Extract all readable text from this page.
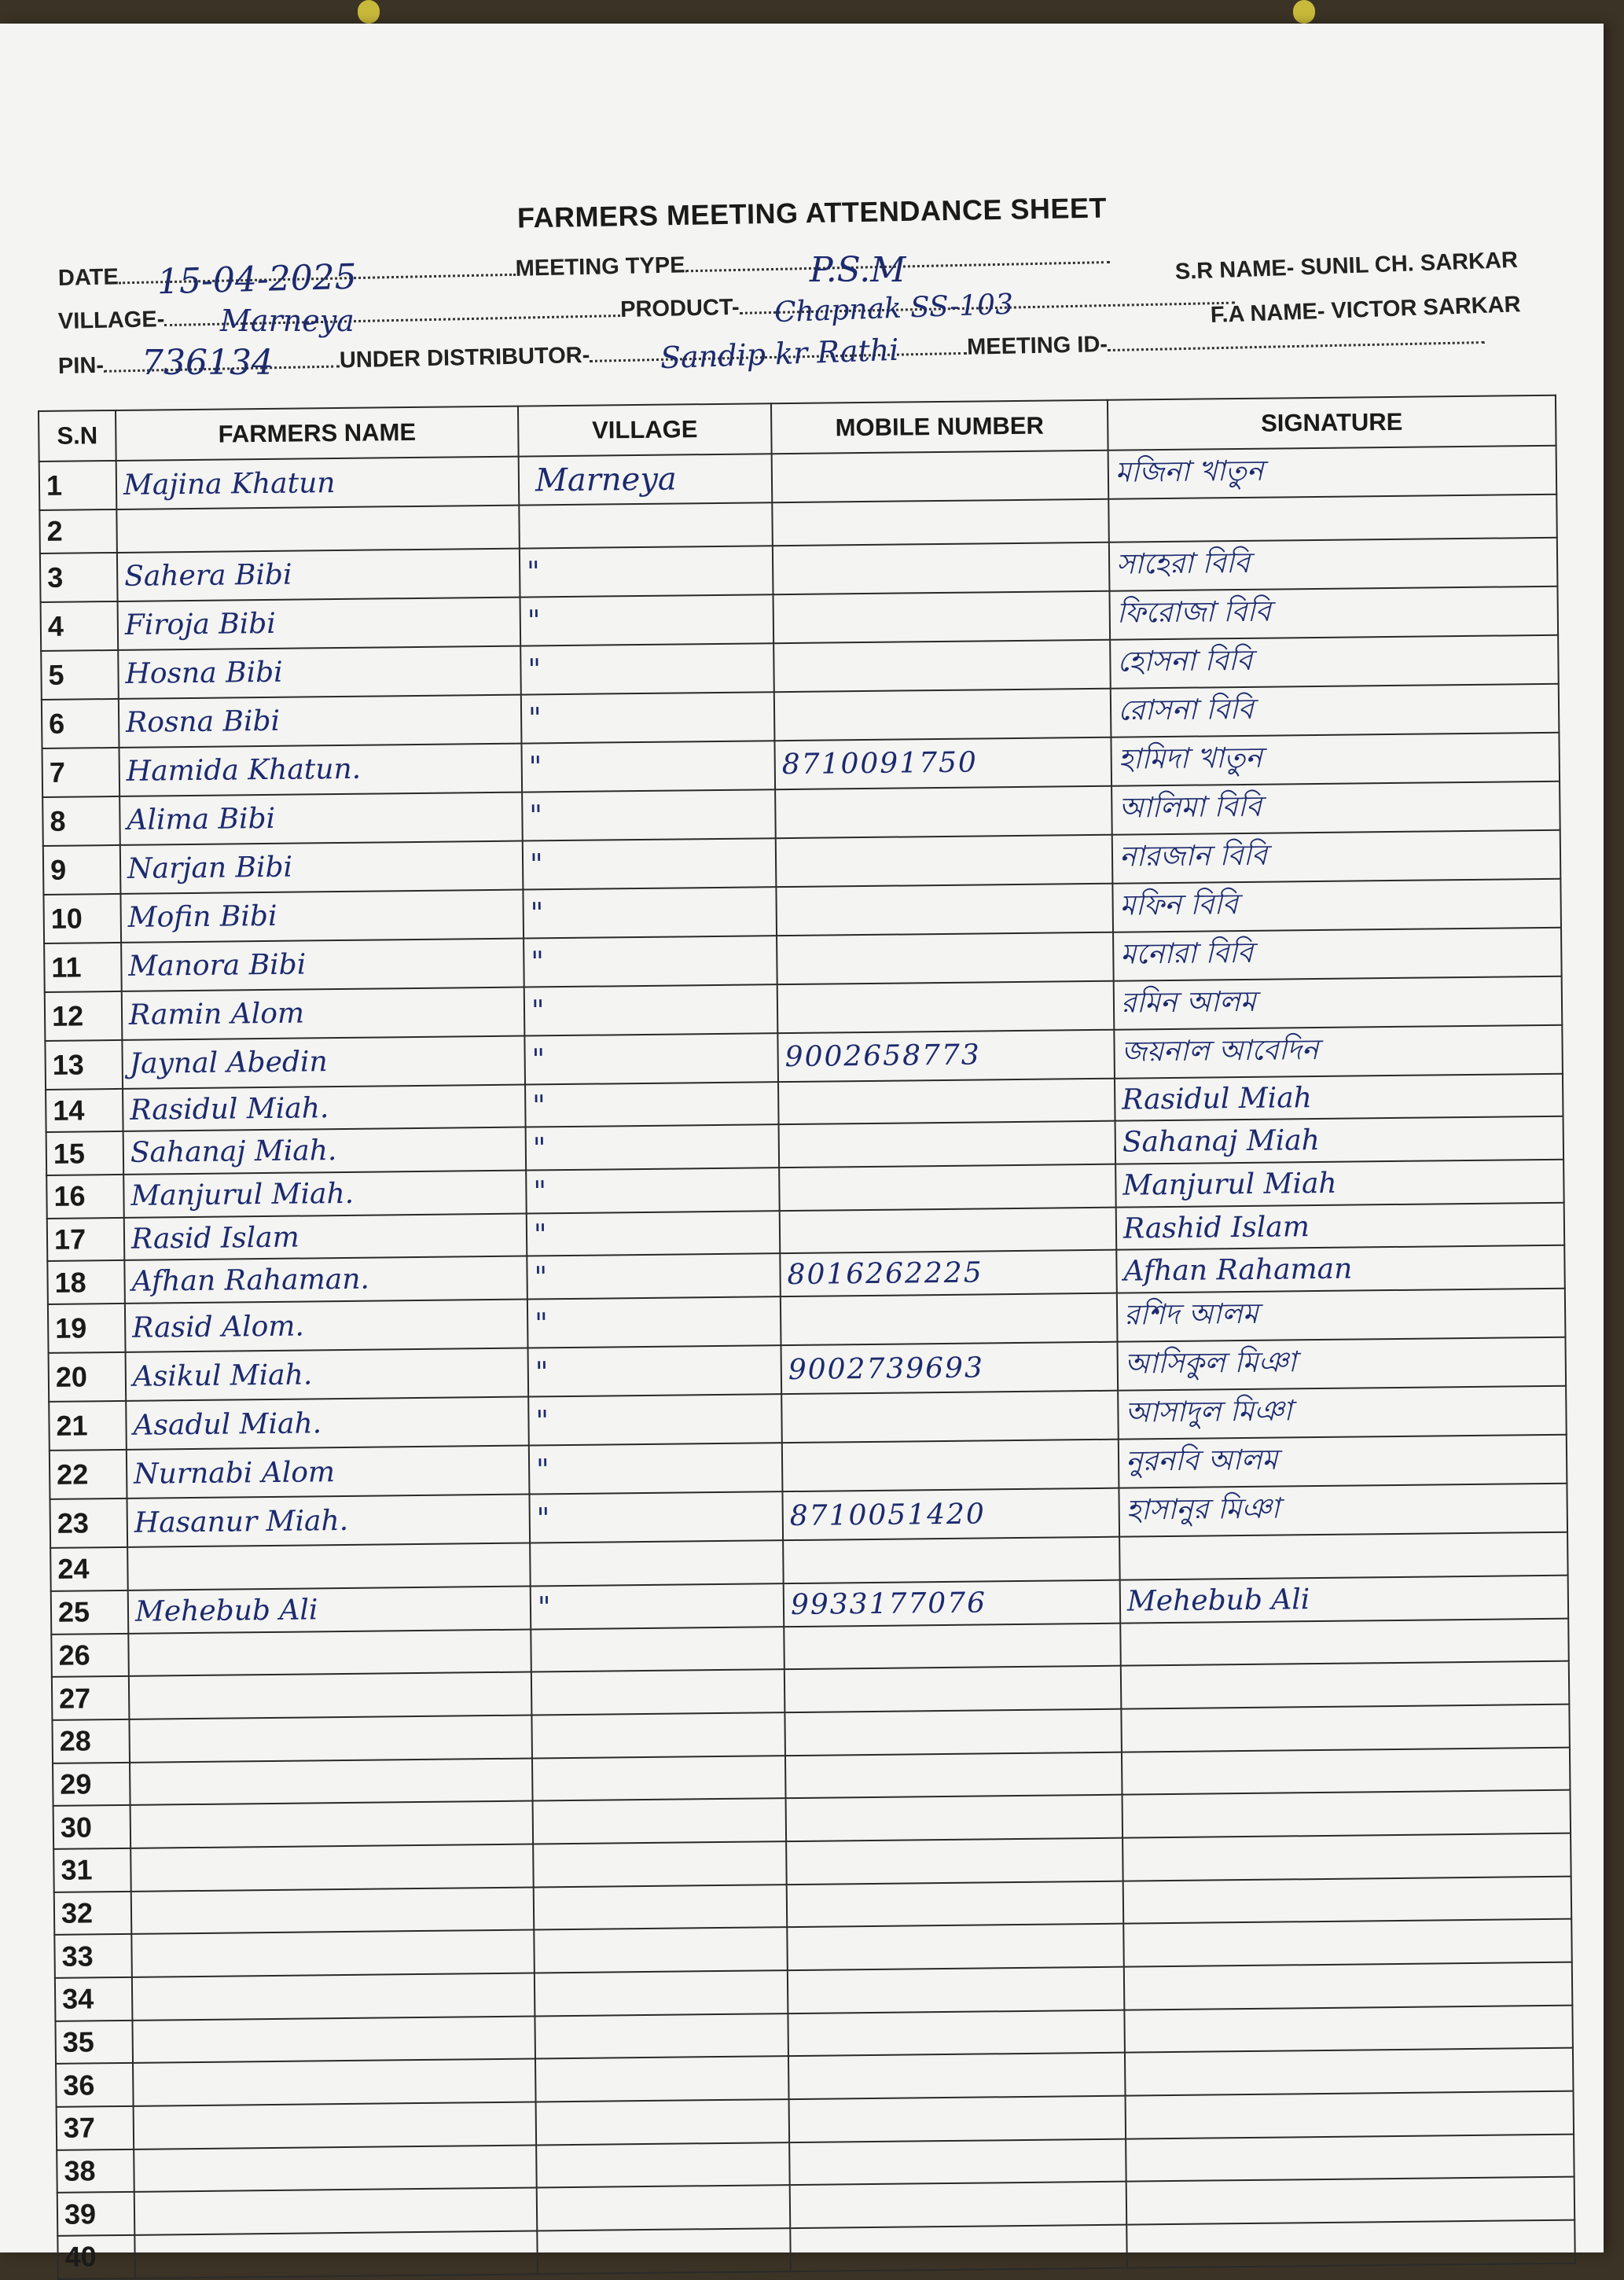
FARMERS MEETING ATTENDANCE SHEET
DATE	MEETING TYPE
15-04-2025	P.S.M	S.R NAME- SUNIL CH. SARKAR
VILLAGE-	PRODUCT-
Marneya	Chapnak SS-103	F.A NAME- VICTOR SARKAR
PIN-	UNDER DISTRIBUTOR-	MEETING ID-
736134	Sandip kr Rathi
S.N	FARMERS NAME	VILLAGE	MOBILE NUMBER	SIGNATURE
1	Majina Khatun	Marneya		মজিনা খাতুন
2				
3	Sahera Bibi	"		সাহেরা বিবি
4	Firoja Bibi	"		ফিরোজা বিবি
5	Hosna Bibi	"		হোসনা বিবি
6	Rosna Bibi	"		রোসনা বিবি
7	Hamida Khatun.	"	8710091750	হামিদা খাতুন
8	Alima Bibi	"		আলিমা বিবি
9	Narjan Bibi	"		নারজান বিবি
10	Mofin Bibi	"		মফিন বিবি
11	Manora Bibi	"		মনোরা বিবি
12	Ramin Alom	"		রমিন আলম
13	Jaynal Abedin	"	9002658773	জয়নাল আবেদিন
14	Rasidul Miah.	"		Rasidul Miah
15	Sahanaj Miah.	"		Sahanaj Miah
16	Manjurul Miah.	"		Manjurul Miah
17	Rasid Islam	"		Rashid Islam
18	Afhan Rahaman.	"	8016262225	Afhan Rahaman
19	Rasid Alom.	"		রশিদ আলম
20	Asikul Miah.	"	9002739693	আসিকুল মিঞা
21	Asadul Miah.	"		আসাদুল মিঞা
22	Nurnabi Alom	"		নুরনবি আলম
23	Hasanur Miah.	"	8710051420	হাসানুর মিঞা
24				
25	Mehebub Ali	"	9933177076	Mehebub Ali
26				
27				
28				
29				
30				
31				
32				
33				
34				
35				
36				
37				
38				
39				
40				
